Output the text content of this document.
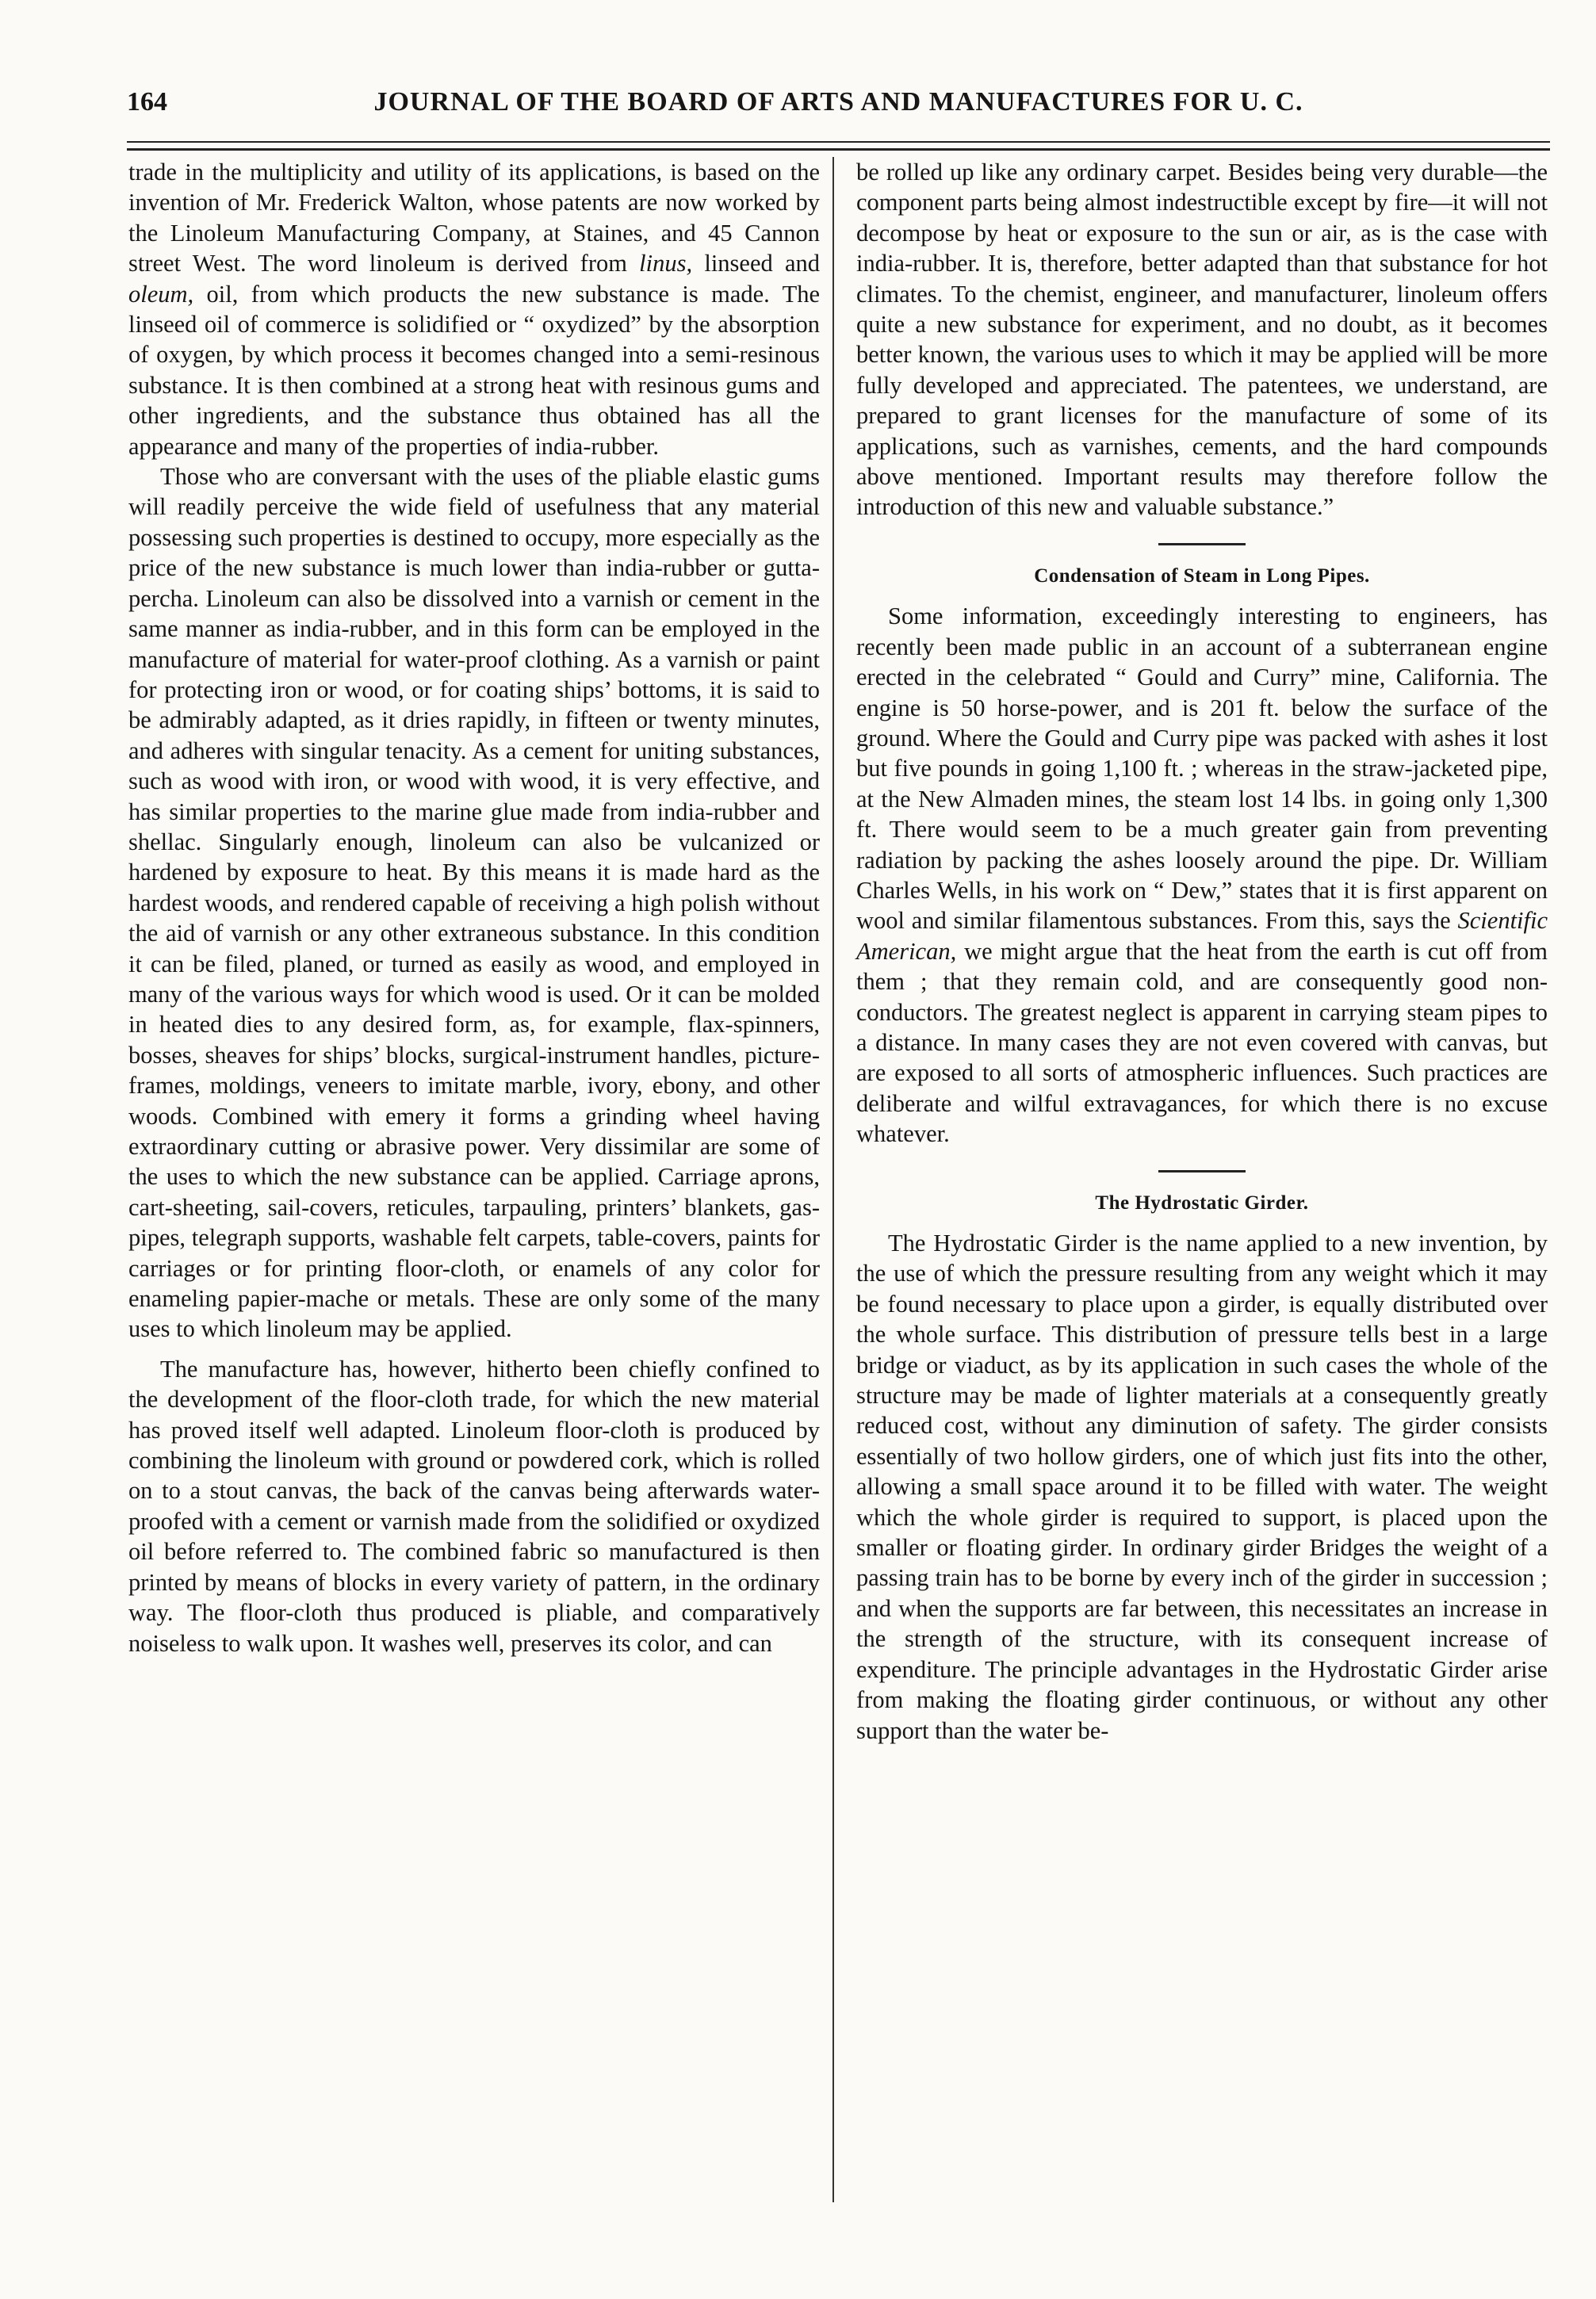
164	JOURNAL OF THE BOARD OF ARTS AND MANUFACTURES FOR U. C.

trade in the multiplicity and utility of its applications, is based on the invention of Mr. Frederick Walton, whose patents are now worked by the Linoleum Manufacturing Company, at Staines, and 45 Cannon street West. The word linoleum is derived from linus, linseed and oleum, oil, from which products the new substance is made. The linseed oil of commerce is solidified or “ oxydized” by the absorption of oxygen, by which process it becomes changed into a semi-resinous substance. It is then combined at a strong heat with resinous gums and other ingredients, and the substance thus obtained has all the appearance and many of the properties of india-rubber.

Those who are conversant with the uses of the pliable elastic gums will readily perceive the wide field of usefulness that any material possessing such properties is destined to occupy, more especially as the price of the new substance is much lower than india-rubber or gutta-percha. Linoleum can also be dissolved into a varnish or cement in the same manner as india-rubber, and in this form can be employed in the manufacture of material for water-proof clothing. As a varnish or paint for protecting iron or wood, or for coating ships’ bottoms, it is said to be admirably adapted, as it dries rapidly, in fifteen or twenty minutes, and adheres with singular tenacity. As a cement for uniting substances, such as wood with iron, or wood with wood, it is very effective, and has similar properties to the marine glue made from india-rubber and shellac. Singularly enough, linoleum can also be vulcanized or hardened by exposure to heat. By this means it is made hard as the hardest woods, and rendered capable of receiving a high polish without the aid of varnish or any other extraneous substance. In this condition it can be filed, planed, or turned as easily as wood, and employed in many of the various ways for which wood is used. Or it can be molded in heated dies to any desired form, as, for example, flax-spinners, bosses, sheaves for ships’ blocks, surgical-instrument handles, picture-frames, moldings, veneers to imitate marble, ivory, ebony, and other woods. Combined with emery it forms a grinding wheel having extraordinary cutting or abrasive power. Very dissimilar are some of the uses to which the new substance can be applied. Carriage aprons, cart-sheeting, sail-covers, reticules, tarpauling, printers’ blankets, gas-pipes, telegraph supports, washable felt carpets, table-covers, paints for carriages or for printing floor-cloth, or enamels of any color for enameling papier-mache or metals. These are only some of the many uses to which linoleum may be applied.

The manufacture has, however, hitherto been chiefly confined to the development of the floor-cloth trade, for which the new material has proved itself well adapted. Linoleum floor-cloth is produced by combining the linoleum with ground or powdered cork, which is rolled on to a stout canvas, the back of the canvas being afterwards water-proofed with a cement or varnish made from the solidified or oxydized oil before referred to. The combined fabric so manufactured is then printed by means of blocks in every variety of pattern, in the ordinary way. The floor-cloth thus produced is pliable, and comparatively noiseless to walk upon. It washes well, preserves its color, and can

be rolled up like any ordinary carpet. Besides being very durable—the component parts being almost indestructible except by fire—it will not decompose by heat or exposure to the sun or air, as is the case with india-rubber. It is, therefore, better adapted than that substance for hot climates. To the chemist, engineer, and manufacturer, linoleum offers quite a new substance for experiment, and no doubt, as it becomes better known, the various uses to which it may be applied will be more fully developed and appreciated. The patentees, we understand, are prepared to grant licenses for the manufacture of some of its applications, such as varnishes, cements, and the hard compounds above mentioned. Important results may therefore follow the introduction of this new and valuable substance.”

Condensation of Steam in Long Pipes.

Some information, exceedingly interesting to engineers, has recently been made public in an account of a subterranean engine erected in the celebrated “ Gould and Curry” mine, California. The engine is 50 horse-power, and is 201 ft. below the surface of the ground. Where the Gould and Curry pipe was packed with ashes it lost but five pounds in going 1,100 ft. ; whereas in the straw-jacketed pipe, at the New Almaden mines, the steam lost 14 lbs. in going only 1,300 ft. There would seem to be a much greater gain from preventing radiation by packing the ashes loosely around the pipe. Dr. William Charles Wells, in his work on “ Dew,” states that it is first apparent on wool and similar filamentous substances. From this, says the Scientific American, we might argue that the heat from the earth is cut off from them ; that they remain cold, and are consequently good non-conductors. The greatest neglect is apparent in carrying steam pipes to a distance. In many cases they are not even covered with canvas, but are exposed to all sorts of atmospheric influences. Such practices are deliberate and wilful extravagances, for which there is no excuse whatever.

The Hydrostatic Girder.

The Hydrostatic Girder is the name applied to a new invention, by the use of which the pressure resulting from any weight which it may be found necessary to place upon a girder, is equally distributed over the whole surface. This distribution of pressure tells best in a large bridge or viaduct, as by its application in such cases the whole of the structure may be made of lighter materials at a consequently greatly reduced cost, without any diminution of safety. The girder consists essentially of two hollow girders, one of which just fits into the other, allowing a small space around it to be filled with water. The weight which the whole girder is required to support, is placed upon the smaller or floating girder. In ordinary girder Bridges the weight of a passing train has to be borne by every inch of the girder in succession ; and when the supports are far between, this necessitates an increase in the strength of the structure, with its consequent increase of expenditure. The principle advantages in the Hydrostatic Girder arise from making the floating girder continuous, or without any other support than the water be-
